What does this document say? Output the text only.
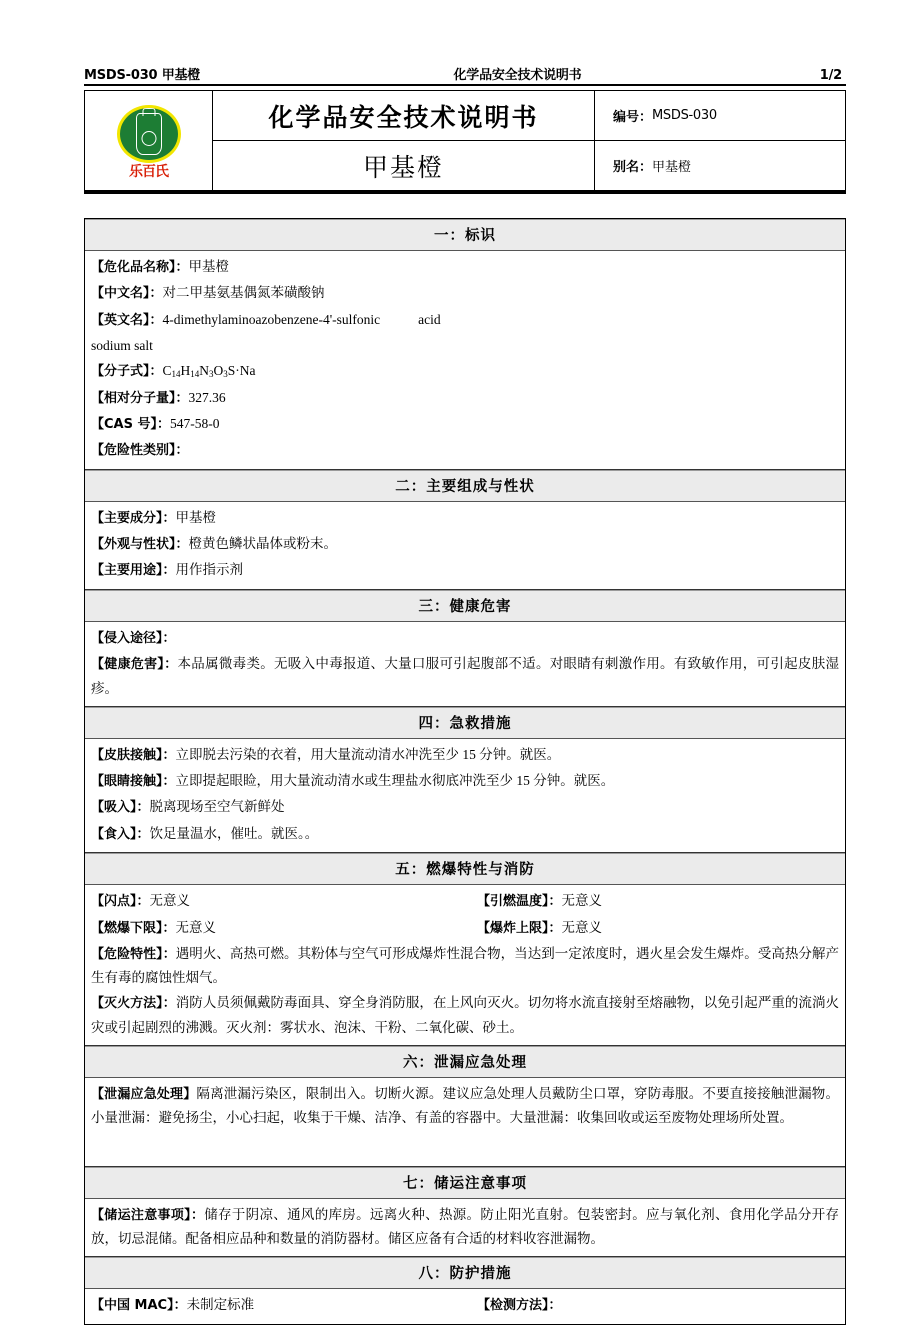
MSDS-030 甲基橙	化学品安全技术说明书	1/2
乐百氏
化学品安全技术说明书	编号： MSDS-030
甲基橙	别名： 甲基橙
一：标识
【危化品名称】：甲基橙
【中文名】：对二甲基氨基偶氮苯磺酸钠
【英文名】：4-dimethylaminoazobenzene-4'-sulfonic	acid
sodium salt
【分子式】：$C_{14}H_{14}N_3O_3S\cdot Na$
【相对分子量】：327.36
【CAS 号】：547-58-0
【危险性类别】：
二：主要组成与性状
【主要成分】：甲基橙
【外观与性状】：橙黄色鳞状晶体或粉末。
【主要用途】：用作指示剂
三：健康危害
【侵入途径】：
【健康危害】：本品属微毒类。无吸入中毒报道、大量口服可引起腹部不适。对眼睛有刺激作用。有致敏作用，可引起皮肤湿疹。
四：急救措施
【皮肤接触】：立即脱去污染的衣着，用大量流动清水冲洗至少 15 分钟。就医。
【眼睛接触】：立即提起眼睑，用大量流动清水或生理盐水彻底冲洗至少 15 分钟。就医。
【吸入】：脱离现场至空气新鲜处
【食入】：饮足量温水，催吐。就医。。
五：燃爆特性与消防
【闪点】：无意义	【引燃温度】：无意义
【燃爆下限】：无意义	【爆炸上限】：无意义
【危险特性】：遇明火、高热可燃。其粉体与空气可形成爆炸性混合物，当达到一定浓度时，遇火星会发生爆炸。受高热分解产生有毒的腐蚀性烟气。
【灭火方法】：消防人员须佩戴防毒面具、穿全身消防服，在上风向灭火。切勿将水流直接射至熔融物，以免引起严重的流淌火灾或引起剧烈的沸溅。灭火剂：雾状水、泡沫、干粉、二氧化碳、砂土。
六：泄漏应急处理
【泄漏应急处理】隔离泄漏污染区，限制出入。切断火源。建议应急处理人员戴防尘口罩，穿防毒服。不要直接接触泄漏物。小量泄漏：避免扬尘，小心扫起，收集于干燥、洁净、有盖的容器中。大量泄漏：收集回收或运至废物处理场所处置。
七：储运注意事项
【储运注意事项】：储存于阴凉、通风的库房。远离火种、热源。防止阳光直射。包装密封。应与氧化剂、食用化学品分开存放，切忌混储。配备相应品种和数量的消防器材。储区应备有合适的材料收容泄漏物。
八：防护措施
【中国 MAC】：未制定标准	【检测方法】：
